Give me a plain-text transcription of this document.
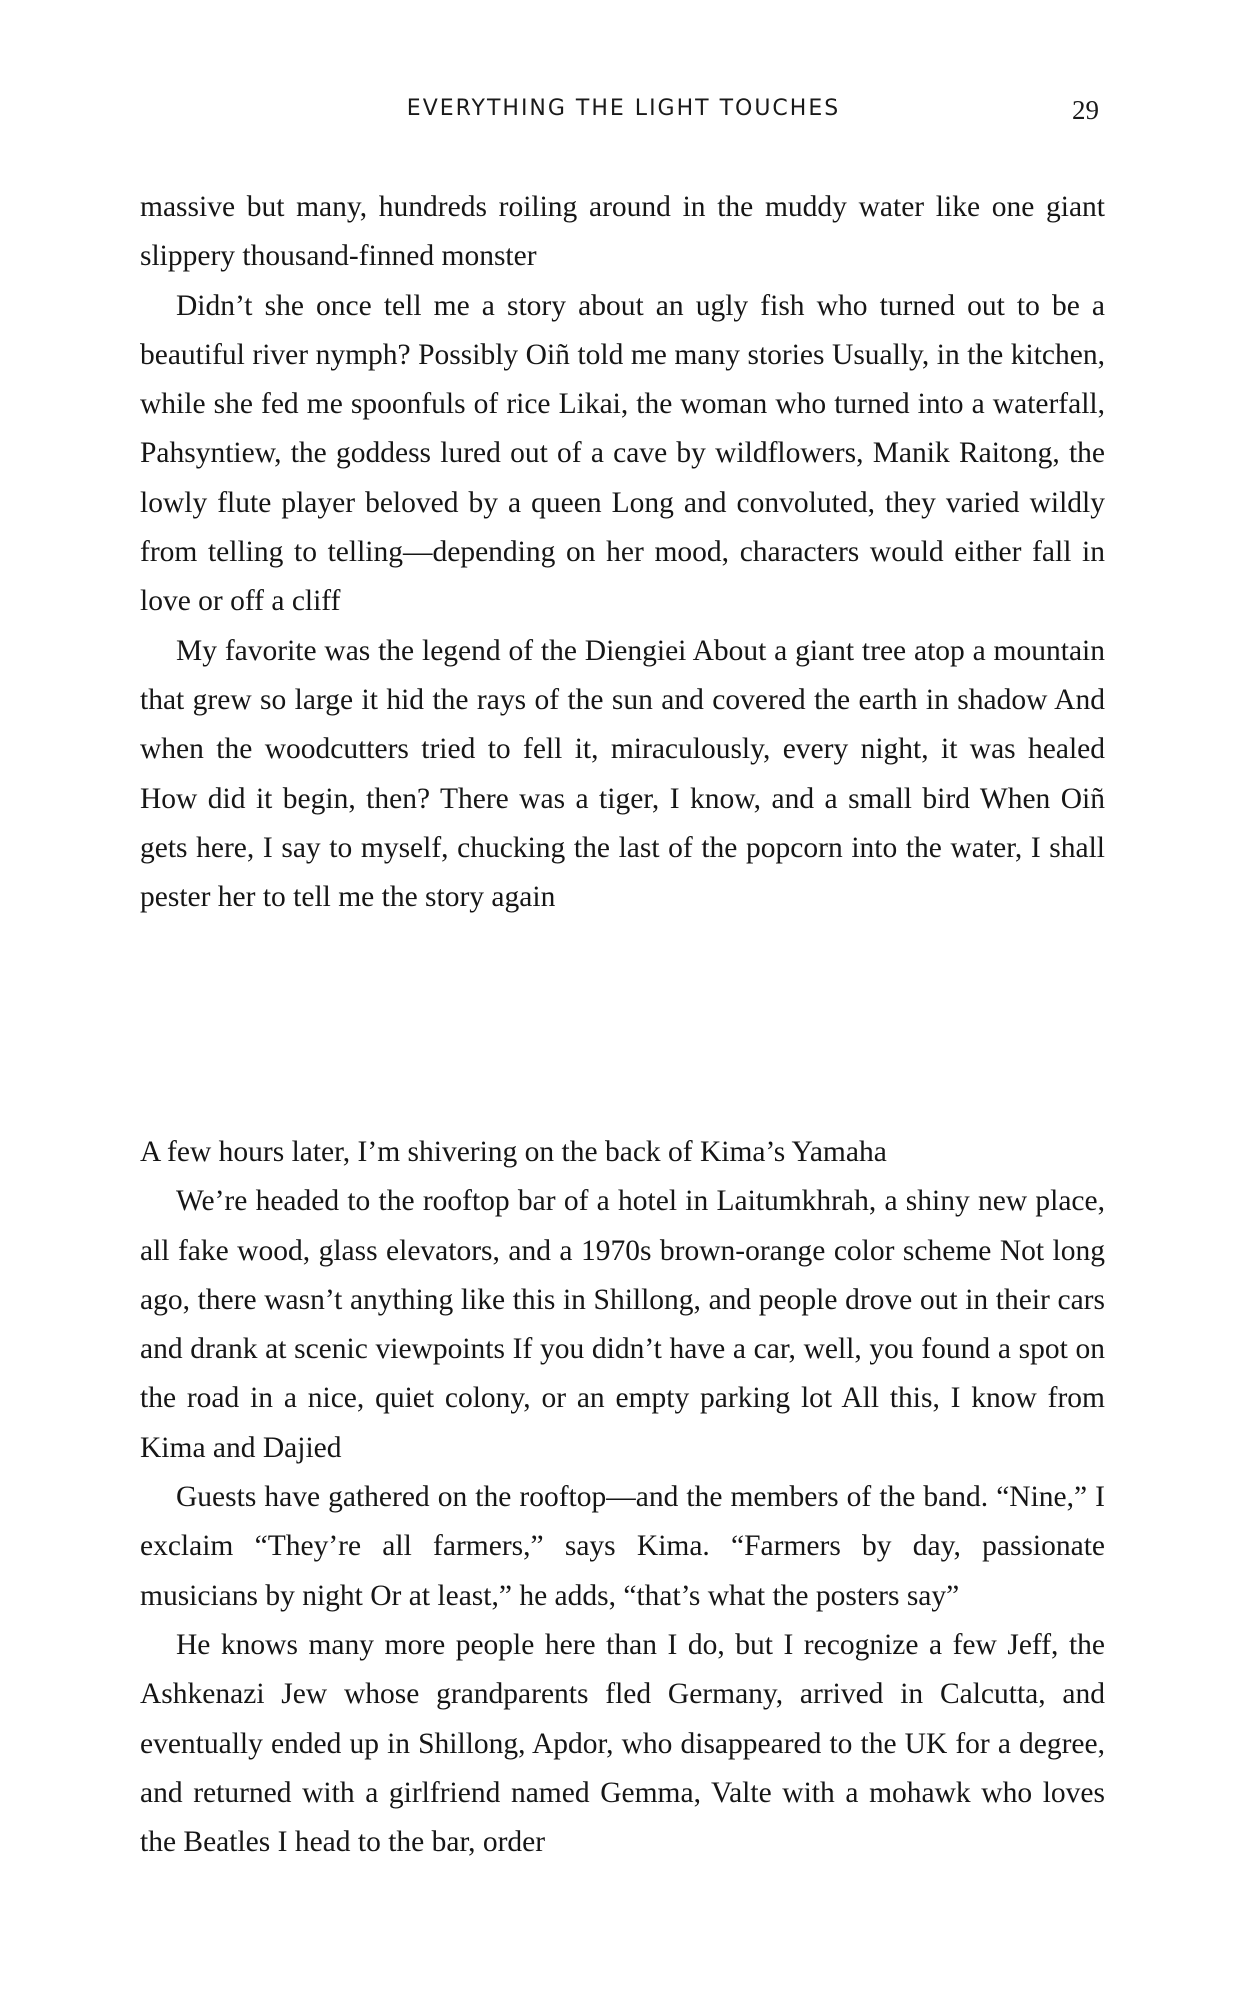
EVERYTHING THE LIGHT TOUCHES	29

massive but many, hundreds roiling around in the muddy water like one giant slippery thousand-finned monster

Didn’t she once tell me a story about an ugly fish who turned out to be a beautiful river nymph? Possibly Oiñ told me many stories Usually, in the kitchen, while she fed me spoonfuls of rice Likai, the woman who turned into a waterfall, Pahsyntiew, the goddess lured out of a cave by wildflowers, Manik Raitong, the lowly flute player beloved by a queen Long and convoluted, they varied wildly from telling to telling—depending on her mood, characters would either fall in love or off a cliff

My favorite was the legend of the Diengiei About a giant tree atop a mountain that grew so large it hid the rays of the sun and covered the earth in shadow And when the woodcutters tried to fell it, miraculously, every night, it was healed How did it begin, then? There was a tiger, I know, and a small bird When Oiñ gets here, I say to myself, chucking the last of the popcorn into the water, I shall pester her to tell me the story again

A few hours later, I’m shivering on the back of Kima’s Yamaha

We’re headed to the rooftop bar of a hotel in Laitumkhrah, a shiny new place, all fake wood, glass elevators, and a 1970s brown-orange color scheme Not long ago, there wasn’t anything like this in Shillong, and people drove out in their cars and drank at scenic viewpoints If you didn’t have a car, well, you found a spot on the road in a nice, quiet colony, or an empty parking lot All this, I know from Kima and Dajied

Guests have gathered on the rooftop—and the members of the band. “Nine,” I exclaim “They’re all farmers,” says Kima. “Farmers by day, passionate musicians by night Or at least,” he adds, “that’s what the posters say”

He knows many more people here than I do, but I recognize a few Jeff, the Ashkenazi Jew whose grandparents fled Germany, arrived in Calcutta, and eventually ended up in Shillong, Apdor, who disappeared to the UK for a degree, and returned with a girlfriend named Gemma, Valte with a mohawk who loves the Beatles I head to the bar, order
